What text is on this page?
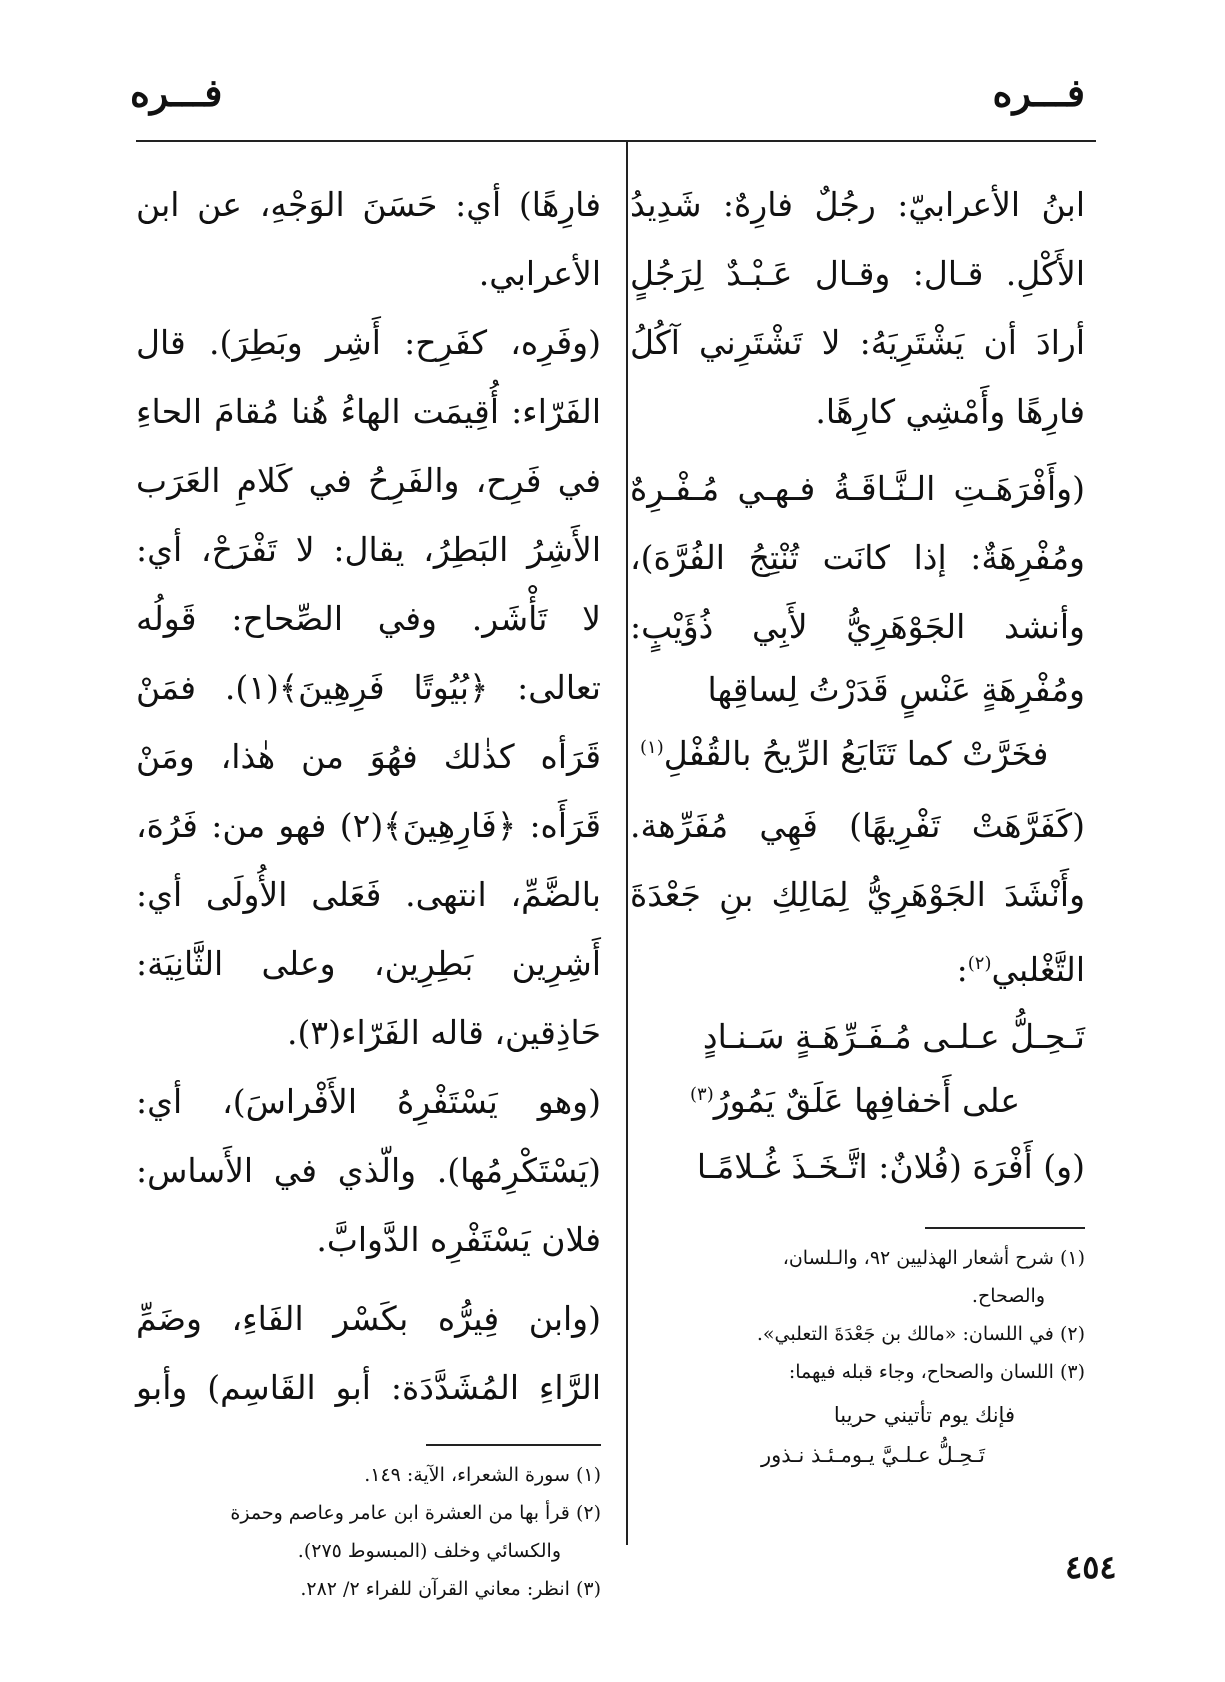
فـــره
فـــره
ابنُ الأعرابيّ: رجُلٌ فارِهٌ: شَدِيدُ
الأَكْلِ. قـال: وقـال عَـبْـدٌ لِرَجُلٍ
أرادَ أن يَشْتَرِيَهُ: لا تَشْتَرِني آكُلُ
فارِهًا وأَمْشِي كارِهًا.
(وأَفْرَهَـتِ الـنَّـاقَـةُ فـهـي مُـفْـرِهٌ
ومُفْرِهَةٌ: إذا كانَت تُنْتِجُ الفُرَّهَ)،
وأنشد الجَوْهَرِيُّ لأَبِي ذُؤَيْبٍ:
ومُفْرِهَةٍ عَنْسٍ قَدَرْتُ لِساقِها
فخَرَّتْ كما تَتَايَعُ الرِّيحُ بالقُفْلِ$^{(١)}$
(كَفَرَّهَتْ تَفْرِيهًا) فَهِي مُفَرِّهة.
وأَنْشَدَ الجَوْهَرِيُّ لِمَالِكِ بنِ جَعْدَةَ
التَّغْلبي$^{(٢)}$:
تَـحِـلُّ عـلـى مُـفَـرِّهَـةٍ سَـنـادٍ
على أَخفافِها عَلَقٌ يَمُورُ$^{(٣)}$
(و) أَفْرَهَ (فُلانٌ: اتَّـخَـذَ غُـلامًـا
(١) شرح أشعار الهذليين ٩٢، والـلسان،
والصحاح.
(٢) في اللسان: «مالك بن جَعْدَةَ التعلبي».
(٣) اللسان والصحاح، وجاء قبله فيهما:
فإنك يوم تأتيني حريبا
تَـحِـلُّ عـلـيَّ يـومـئـذ نـذور
فارِهًا) أي: حَسَنَ الوَجْهِ، عن ابن
الأعرابي.
(وفَرِه، كفَرِح: أَشِر وبَطِرَ). قال
الفَرّاء: أُقِيمَت الهاءُ هُنا مُقامَ الحاءِ
في فَرِح، والفَرِحُ في كَلامِ العَرَب
الأَشِرُ البَطِرُ، يقال: لا تَفْرَحْ، أي:
لا تَأْشَر. وفي الصِّحاح: قَولُه
تعالى: ﴿بُيُوتًا فَرِهِينَ﴾(١). فمَنْ
قَرَأه كذٰلك فهُوَ من هٰذا، ومَنْ
قَرَأَه: ﴿فَارِهِينَ﴾(٢) فهو من: فَرُهَ،
بالضَّمِّ، انتهى. فَعَلى الأُولَى أي:
أَشِرِين بَطِرِين، وعلى الثَّانِيَة:
حَاذِقين، قاله الفَرّاء(٣).
(وهو يَسْتَفْرِهُ الأَفْراسَ)، أي:
(يَسْتَكْرِمُها). والّذي في الأَساس:
فلان يَسْتَفْرِه الدَّوابَّ.
(وابن فِيرُّه بكَسْر الفَاءِ، وضَمِّ
الرَّاءِ المُشَدَّدَة: أبو القَاسِم) وأبو
(١) سورة الشعراء، الآية: ١٤٩.
(٢) قرأ بها من العشرة ابن عامر وعاصم وحمزة
والكسائي وخلف (المبسوط ٢٧٥).
(٣) انظر: معاني القرآن للفراء ٢/ ٢٨٢.
٤٥٤
